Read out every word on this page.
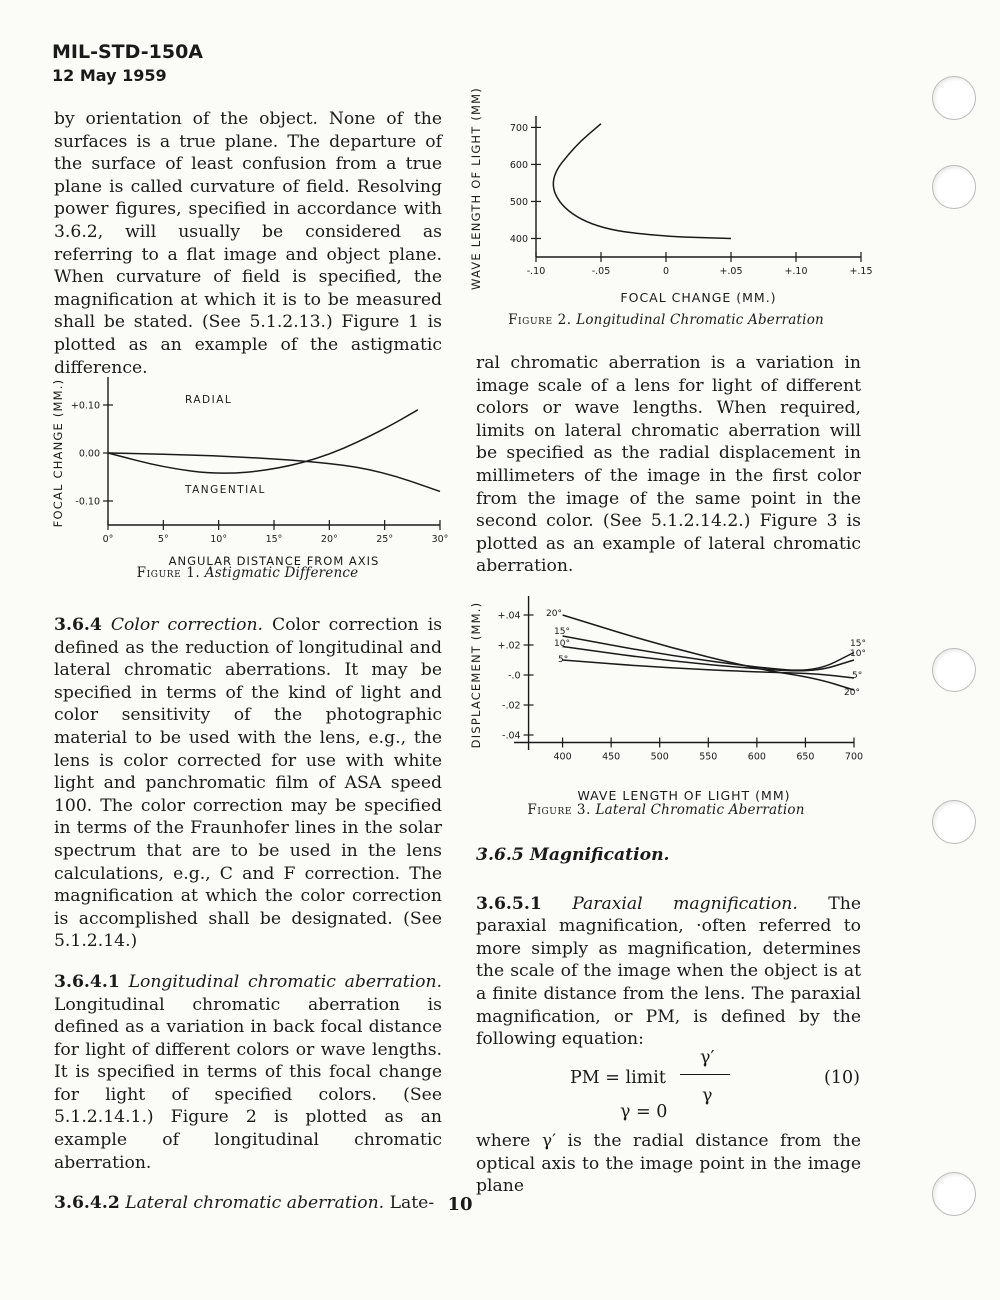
MIL-STD-150A
12 May 1959

by orientation of the object. None of the surfaces is a true plane. The departure of the surface of least confusion from a true plane is called curvature of field. Resolving power figures, specified in accordance with 3.6.2, will usually be considered as referring to a flat image and object plane. When curvature of field is specified, the magnification at which it is to be measured shall be stated. (See 5.1.2.13.) Figure 1 is plotted as an example of the astigmatic difference.

0°	5°	10°	15°	20°	25°	30°
+0.10
0.00
-0.10
RADIAL
TANGENTIAL
ANGULAR DISTANCE FROM AXIS
FOCAL CHANGE (MM.)
Figure 1. Astigmatic Difference

3.6.4 Color correction. Color correction is defined as the reduction of longitudinal and lateral chromatic aberrations. It may be specified in terms of the kind of light and color sensitivity of the photographic material to be used with the lens, e.g., the lens is color corrected for use with white light and panchromatic film of ASA speed 100. The color correction may be specified in terms of the Fraunhofer lines in the solar spectrum that are to be used in the lens calculations, e.g., C and F correction. The magnification at which the color correction is accomplished shall be designated. (See 5.1.2.14.)

3.6.4.1 Longitudinal chromatic aberration. Longitudinal chromatic aberration is defined as a variation in back focal distance for light of different colors or wave lengths. It is specified in terms of this focal change for light of specified colors. (See 5.1.2.14.1.) Figure 2 is plotted as an example of longitudinal chromatic aberration.

3.6.4.2 Lateral chromatic aberration. Late-

-.10	-.05	0	+.05	+.10	+.15
400
500
600
700
FOCAL CHANGE (MM.)
WAVE LENGTH OF LIGHT (MM)
Figure 2. Longitudinal Chromatic Aberration

ral chromatic aberration is a variation in image scale of a lens for light of different colors or wave lengths. When required, limits on lateral chromatic aberration will be specified as the radial displacement in millimeters of the image in the first color from the image of the same point in the second color. (See 5.1.2.14.2.) Figure 3 is plotted as an example of lateral chromatic aberration.

400	450	500	550	600	650	700
+.04
+.02
-.0
-.02
-.04
20°
20°
15°
15°
10°
10°
5°
5°
WAVE LENGTH OF LIGHT (MM)
DISPLACEMENT (MM.)
Figure 3. Lateral Chromatic Aberration

3.6.5 Magnification.

3.6.5.1 Paraxial magnification. The paraxial magnification, ·often referred to more simply as magnification, determines the scale of the image when the object is at a finite distance from the lens. The paraxial magnification, or PM, is defined by the following equation:

PM = limit
γ′
γ
γ = 0
(10)

where γ′ is the radial distance from the optical axis to the image point in the image plane

10
